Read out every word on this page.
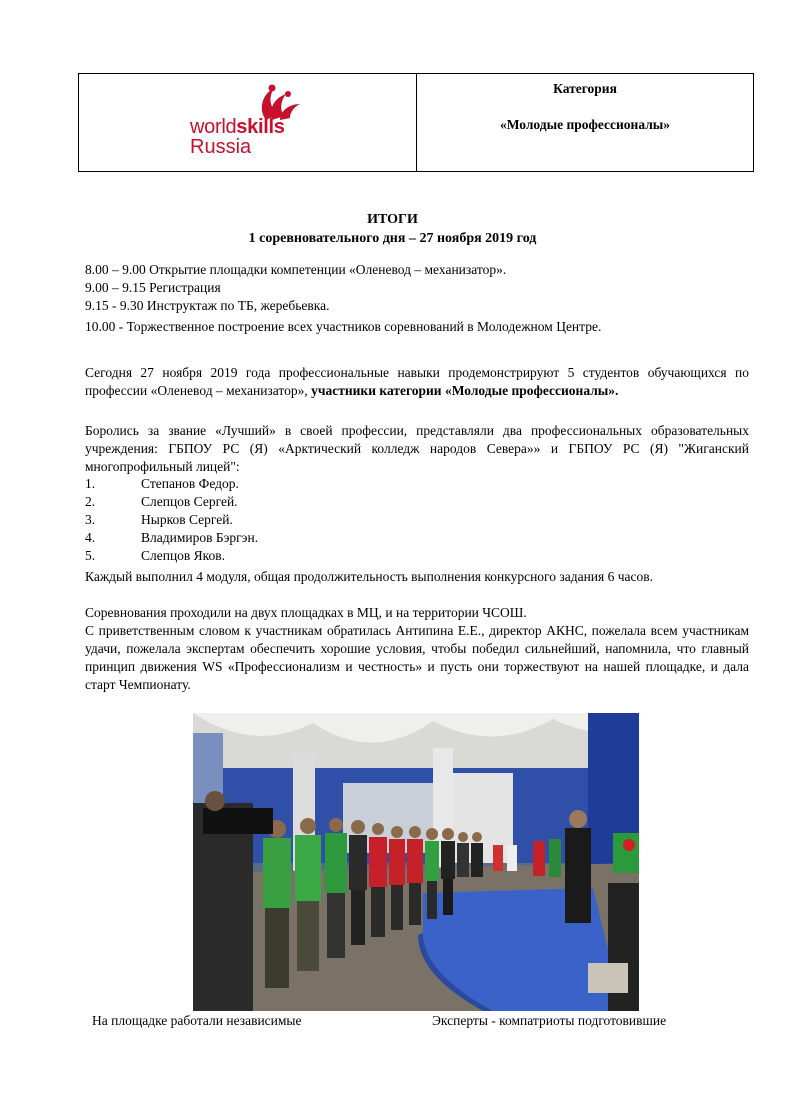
Категория
«Молодые профессионалы»
worldskills
Russia
ИТОГИ
1 соревновательного дня – 27 ноября 2019 год
8.00 – 9.00 Открытие площадки компетенции «Оленевод – механизатор».
9.00 – 9.15 Регистрация
9.15 - 9.30 Инструктаж по ТБ, жеребьевка.
10.00 - Торжественное построение всех участников соревнований в Молодежном Центре.
Сегодня 27 ноября 2019 года профессиональные навыки продемонстрируют 5 студентов обучающихся по профессии «Оленевод – механизатор», участники категории «Молодые профессионалы».
Боролись за звание «Лучший» в своей профессии, представляли два профессиональных образовательных учреждения: ГБПОУ РС (Я) «Арктический колледж народов Севера»» и ГБПОУ РС (Я) "Жиганский многопрофильный лицей":
1.	Степанов Федор.
2.	Слепцов Сергей.
3.	Нырков Сергей.
4.	Владимиров Бэргэн.
5.	Слепцов Яков.
Каждый выполнил 4 модуля, общая продолжительность выполнения конкурсного задания 6 часов.
Соревнования проходили на двух площадках в МЦ, и на территории ЧСОШ.
С приветственным словом к участникам обратилась Антипина Е.Е., директор АКНС, пожелала всем участникам удачи, пожелала экспертам обеспечить хорошие условия, чтобы победил сильнейший, напомнила, что главный принцип движения WS «Профессионализм и честность» и пусть они торжествуют на нашей площадке, и дала старт Чемпионату.
На площадке работали независимые	Эксперты - компатриоты подготовившие
